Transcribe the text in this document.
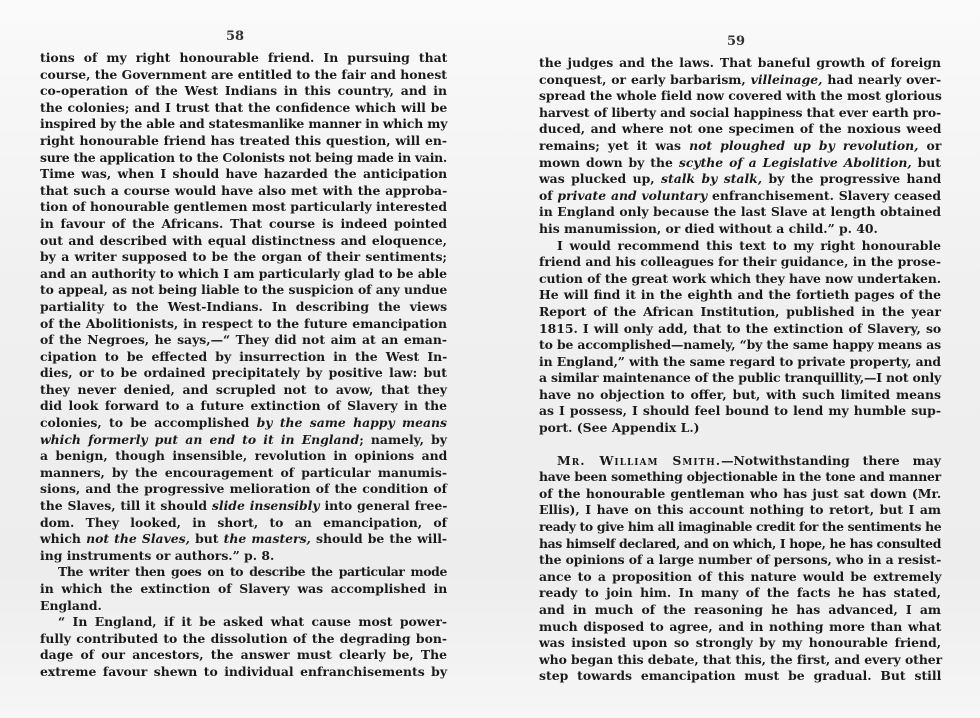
58
tions of my right honourable friend. In pursuing that
course, the Government are entitled to the fair and honest
co-operation of the West Indians in this country, and in
the colonies; and I trust that the confidence which will be
inspired by the able and statesmanlike manner in which my
right honourable friend has treated this question, will en-
sure the application to the Colonists not being made in vain.
Time was, when I should have hazarded the anticipation
that such a course would have also met with the approba-
tion of honourable gentlemen most particularly interested
in favour of the Africans. That course is indeed pointed
out and described with equal distinctness and eloquence,
by a writer supposed to be the organ of their sentiments;
and an authority to which I am particularly glad to be able
to appeal, as not being liable to the suspicion of any undue
partiality to the West-Indians. In describing the views
of the Abolitionists, in respect to the future emancipation
of the Negroes, he says,—“ They did not aim at an eman-
cipation to be effected by insurrection in the West In-
dies, or to be ordained precipitately by positive law: but
they never denied, and scrupled not to avow, that they
did look forward to a future extinction of Slavery in the
colonies, to be accomplished by the same happy means
which formerly put an end to it in England; namely, by
a benign, though insensible, revolution in opinions and
manners, by the encouragement of particular manumis-
sions, and the progressive melioration of the condition of
the Slaves, till it should slide insensibly into general free-
dom. They looked, in short, to an emancipation, of
which not the Slaves, but the masters, should be the will-
ing instruments or authors.” p. 8.
The writer then goes on to describe the particular mode
in which the extinction of Slavery was accomplished in
England.
“ In England, if it be asked what cause most power-
fully contributed to the dissolution of the degrading bon-
dage of our ancestors, the answer must clearly be, The
extreme favour shewn to individual enfranchisements by
59
the judges and the laws. That baneful growth of foreign
conquest, or early barbarism, villeinage, had nearly over-
spread the whole field now covered with the most glorious
harvest of liberty and social happiness that ever earth pro-
duced, and where not one specimen of the noxious weed
remains; yet it was not ploughed up by revolution, or
mown down by the scythe of a Legislative Abolition, but
was plucked up, stalk by stalk, by the progressive hand
of private and voluntary enfranchisement. Slavery ceased
in England only because the last Slave at length obtained
his manumission, or died without a child.” p. 40.
I would recommend this text to my right honourable
friend and his colleagues for their guidance, in the prose-
cution of the great work which they have now undertaken.
He will find it in the eighth and the fortieth pages of the
Report of the African Institution, published in the year
1815. I will only add, that to the extinction of Slavery, so
to be accomplished—namely, “by the same happy means as
in England,” with the same regard to private property, and
a similar maintenance of the public tranquillity,—I not only
have no objection to offer, but, with such limited means
as I possess, I should feel bound to lend my humble sup-
port. (See Appendix L.)
Mr. William Smith.—Notwithstanding there may
have been something objectionable in the tone and manner
of the honourable gentleman who has just sat down (Mr.
Ellis), I have on this account nothing to retort, but I am
ready to give him all imaginable credit for the sentiments he
has himself declared, and on which, I hope, he has consulted
the opinions of a large number of persons, who in a resist-
ance to a proposition of this nature would be extremely
ready to join him. In many of the facts he has stated,
and in much of the reasoning he has advanced, I am
much disposed to agree, and in nothing more than what
was insisted upon so strongly by my honourable friend,
who began this debate, that this, the first, and every other
step towards emancipation must be gradual. But still
